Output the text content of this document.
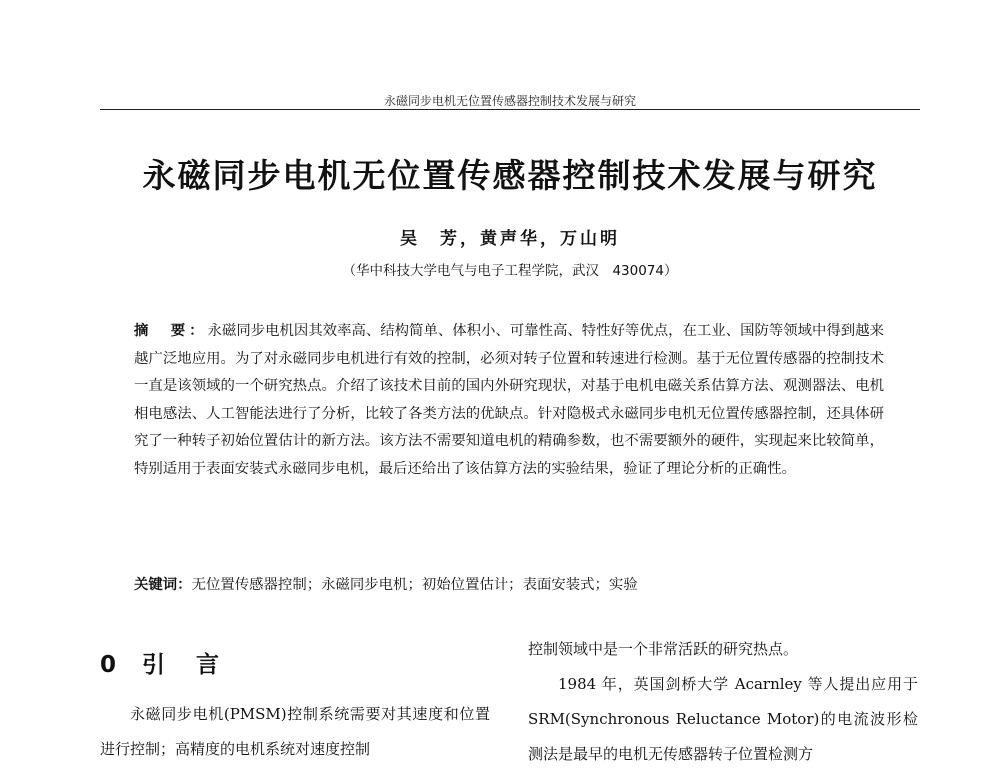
永磁同步电机无位置传感器控制技术发展与研究
永磁同步电机无位置传感器控制技术发展与研究
吴　芳，黄声华，万山明
（华中科技大学电气与电子工程学院，武汉　430074）
摘　要：永磁同步电机因其效率高、结构简单、体积小、可靠性高、特性好等优点，在工业、国防等领域中得到越来越广泛地应用。为了对永磁同步电机进行有效的控制，必须对转子位置和转速进行检测。基于无位置传感器的控制技术一直是该领域的一个研究热点。介绍了该技术目前的国内外研究现状，对基于电机电磁关系估算方法、观测器法、电机相电感法、人工智能法进行了分析，比较了各类方法的优缺点。针对隐极式永磁同步电机无位置传感器控制，还具体研究了一种转子初始位置估计的新方法。该方法不需要知道电机的精确参数，也不需要额外的硬件，实现起来比较简单，特别适用于表面安装式永磁同步电机，最后还给出了该估算方法的实验结果，验证了理论分析的正确性。
关键词：无位置传感器控制；永磁同步电机；初始位置估计；表面安装式；实验
0 引　言

永磁同步电机(PMSM)控制系统需要对其速度和位置进行控制；高精度的电机系统对速度控制

控制领域中是一个非常活跃的研究热点。

1984 年，英国剑桥大学 Acarnley 等人提出应用于 SRM(Synchronous Reluctance Motor)的电流波形检测法是最早的电机无传感器转子位置检测方
